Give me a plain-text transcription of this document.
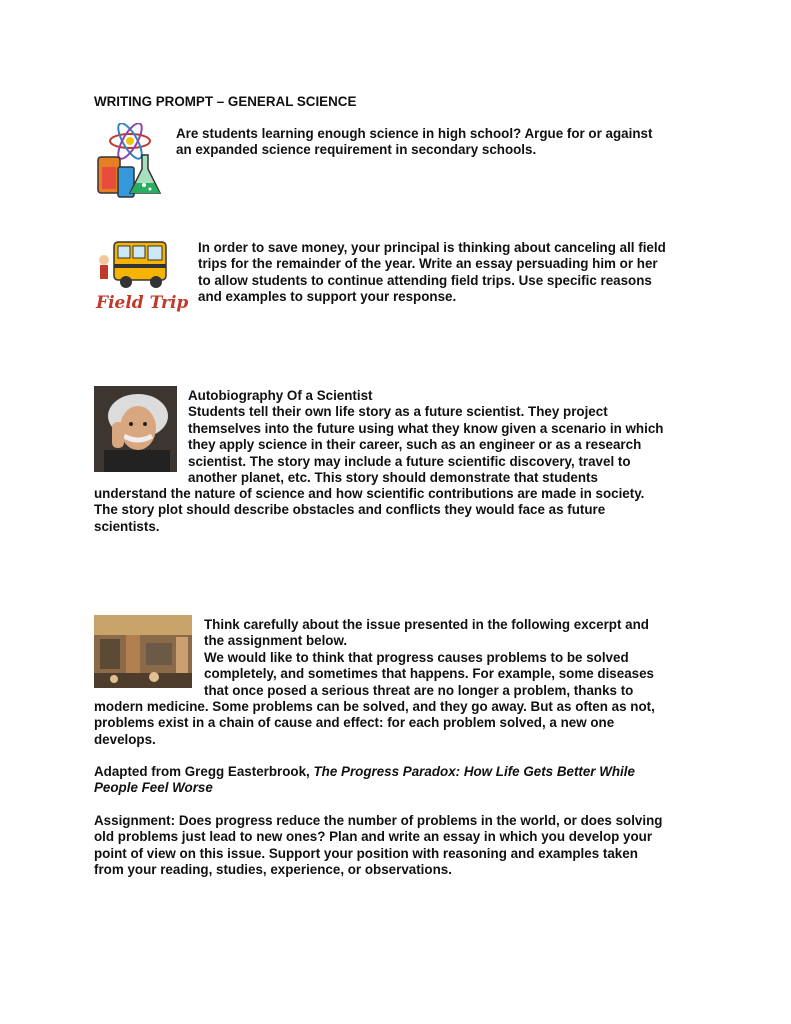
WRITING PROMPT – GENERAL SCIENCE

Are students learning enough science in high school? Argue for or against

an expanded science requirement in secondary schools.

Field Trips

In order to save money, your principal is thinking about canceling all field

trips for the remainder of the year. Write an essay persuading him or her

to allow students to continue attending field trips. Use specific reasons

and examples to support your response.

Autobiography Of a Scientist

Students tell their own life story as a future scientist. They project

themselves into the future using what they know given a scenario in which

they apply science in their career, such as an engineer or as a research

scientist. The story may include a future scientific discovery, travel to

another planet, etc. This story should demonstrate that students

understand the nature of science and how scientific contributions are made in society.

The story plot should describe obstacles and conflicts they would face as future

scientists.

Think carefully about the issue presented in the following excerpt and

the assignment below.

We would like to think that progress causes problems to be solved

completely, and sometimes that happens. For example, some diseases

that once posed a serious threat are no longer a problem, thanks to

modern medicine. Some problems can be solved, and they go away. But as often as not,

problems exist in a chain of cause and effect: for each problem solved, a new one

develops.

Adapted from Gregg Easterbrook, The Progress Paradox: How Life Gets Better While

People Feel Worse

Assignment: Does progress reduce the number of problems in the world, or does solving

old problems just lead to new ones? Plan and write an essay in which you develop your

point of view on this issue. Support your position with reasoning and examples taken

from your reading, studies, experience, or observations.
